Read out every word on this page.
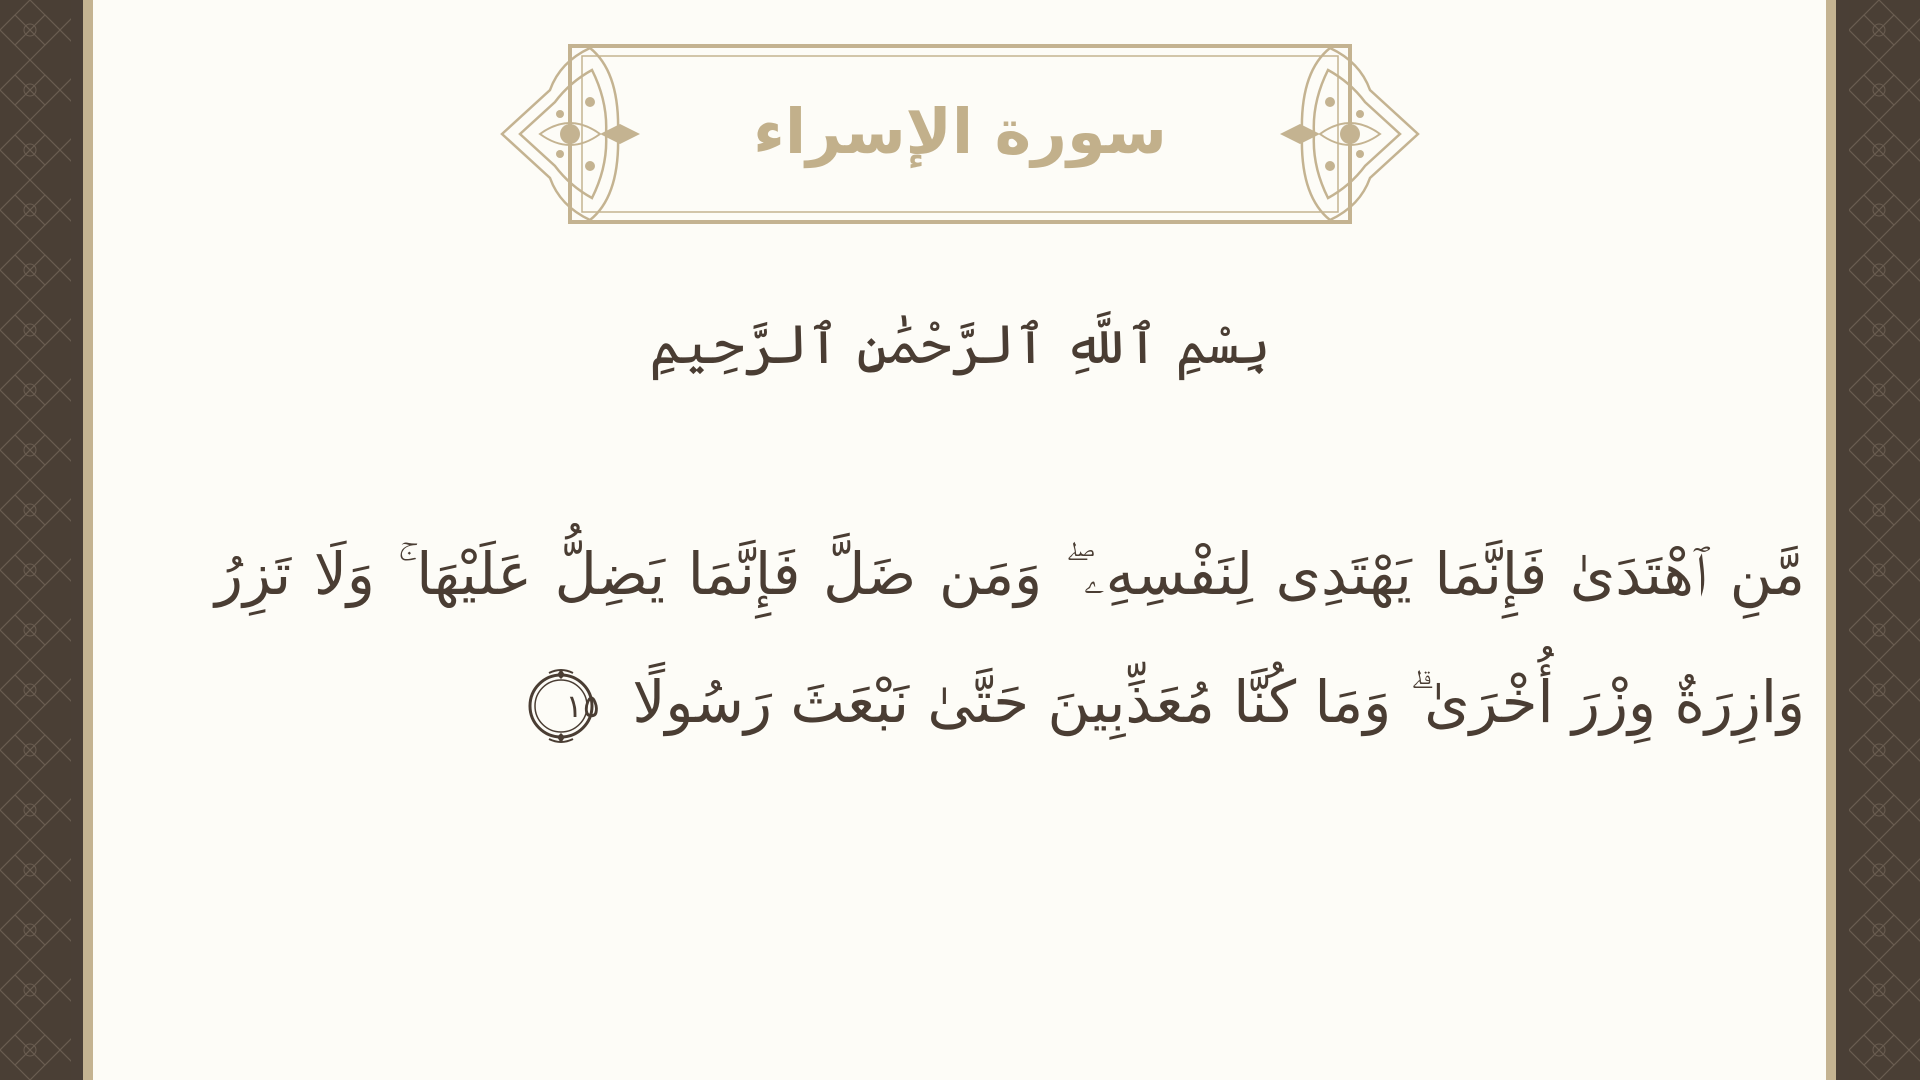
سورة الإسراء
بِسْمِ ٱللَّهِ ٱلرَّحْمَٰنِ ٱلرَّحِيمِ
مَّنِ ٱهْتَدَىٰ فَإِنَّمَا يَهْتَدِى لِنَفْسِهِۦ ۖ وَمَن ضَلَّ فَإِنَّمَا يَضِلُّ عَلَيْهَا ۚ وَلَا تَزِرُ وَازِرَةٌ وِزْرَ أُخْرَىٰ ۗ وَمَا كُنَّا مُعَذِّبِينَ حَتَّىٰ نَبْعَثَ رَسُولًا
١٥
